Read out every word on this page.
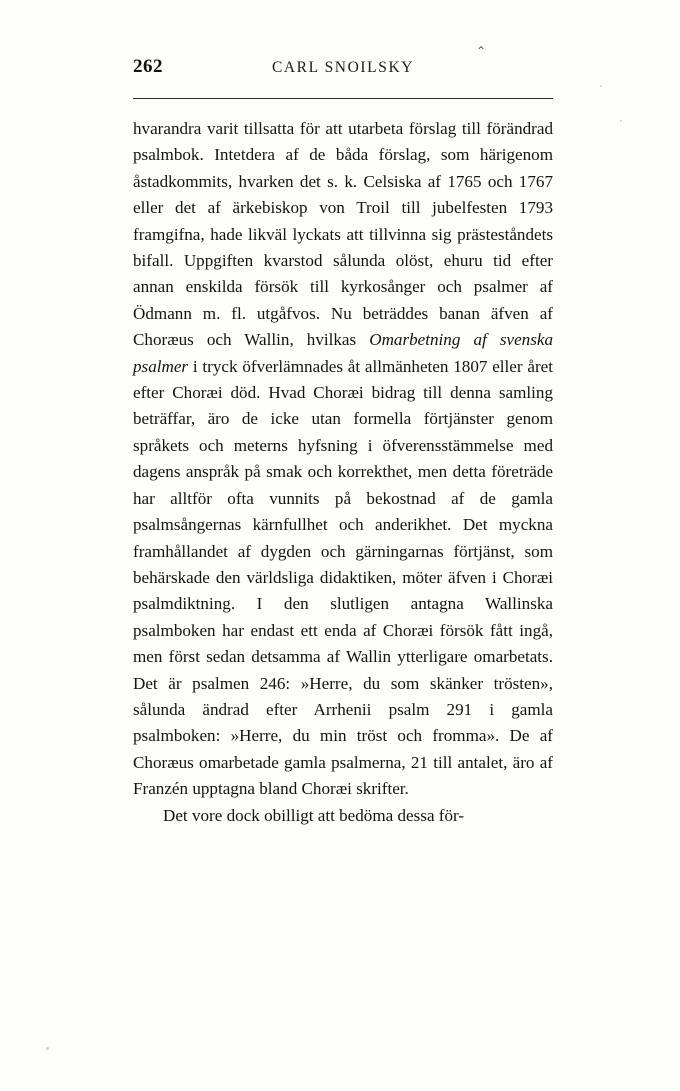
⌃
262	CARL SNOILSKY

hvarandra varit tillsatta för att utarbeta förslag till förändrad psalmbok. Intetdera af de båda förslag, som härigenom åstadkommits, hvarken det s. k. Celsiska af 1765 och 1767 eller det af ärkebiskop von Troil till jubelfesten 1793 framgifna, hade likväl lyckats att tillvinna sig prästeståndets bifall. Uppgiften kvarstod sålunda olöst, ehuru tid efter annan enskilda försök till kyrkosånger och psalmer af Ödmann m. fl. utgåfvos. Nu beträddes banan äfven af Choræus och Wallin, hvilkas Omarbetning af svenska psalmer i tryck öfverlämnades åt allmänheten 1807 eller året efter Choræi död. Hvad Choræi bidrag till denna samling beträffar, äro de icke utan formella förtjänster genom språkets och meterns hyfsning i öfverensstämmelse med dagens anspråk på smak och korrekthet, men detta företräde har alltför ofta vunnits på bekostnad af de gamla psalmsångernas kärnfullhet och anderikhet. Det myckna framhållandet af dygden och gärningarnas förtjänst, som behärskade den världsliga didaktiken, möter äfven i Choræi psalmdiktning. I den slutligen antagna Wallinska psalmboken har endast ett enda af Choræi försök fått ingå, men först sedan detsamma af Wallin ytterligare omarbetats. Det är psalmen 246: »Herre, du som skänker trösten», sålunda ändrad efter Arrhenii psalm 291 i gamla psalmboken: »Herre, du min tröst och fromma». De af Choræus omarbetade gamla psalmerna, 21 till antalet, äro af Franzén upptagna bland Choræi skrifter.

Det vore dock obilligt att bedöma dessa för-
